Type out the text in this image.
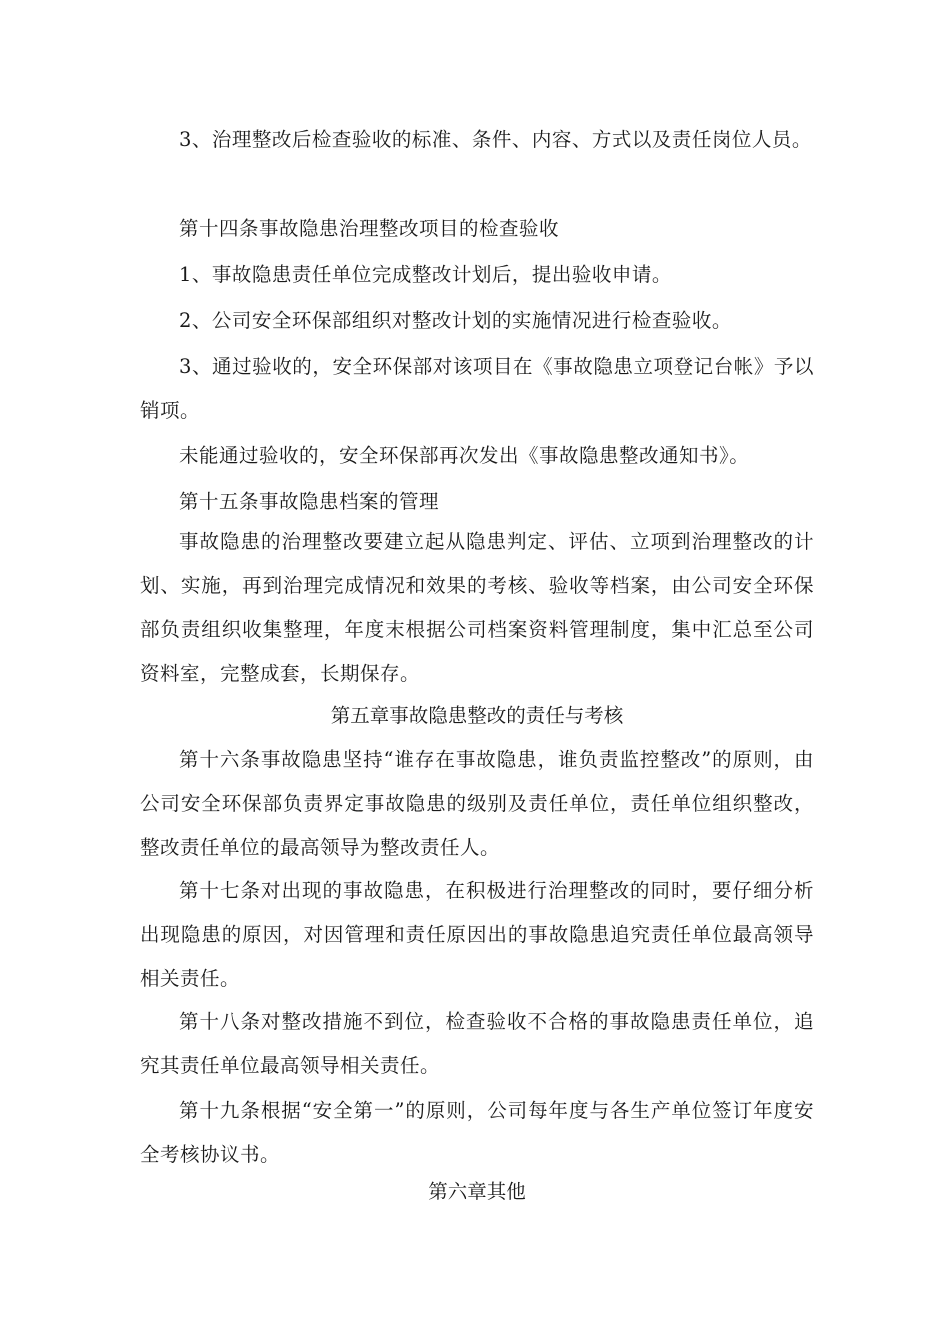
3、治理整改后检查验收的标准、条件、内容、方式以及责任岗位人员。

第十四条事故隐患治理整改项目的检查验收

1、事故隐患责任单位完成整改计划后，提出验收申请。

2、公司安全环保部组织对整改计划的实施情况进行检查验收。

3、通过验收的，安全环保部对该项目在《事故隐患立项登记台帐》予以销项。

未能通过验收的，安全环保部再次发出《事故隐患整改通知书》。

第十五条事故隐患档案的管理

事故隐患的治理整改要建立起从隐患判定、评估、立项到治理整改的计划、实施，再到治理完成情况和效果的考核、验收等档案，由公司安全环保部负责组织收集整理，年度末根据公司档案资料管理制度，集中汇总至公司资料室，完整成套，长期保存。

第五章事故隐患整改的责任与考核

第十六条事故隐患坚持“谁存在事故隐患，谁负责监控整改”的原则，由公司安全环保部负责界定事故隐患的级别及责任单位，责任单位组织整改，整改责任单位的最高领导为整改责任人。

第十七条对出现的事故隐患，在积极进行治理整改的同时，要仔细分析出现隐患的原因，对因管理和责任原因出的事故隐患追究责任单位最高领导相关责任。

第十八条对整改措施不到位，检查验收不合格的事故隐患责任单位，追究其责任单位最高领导相关责任。

第十九条根据“安全第一”的原则，公司每年度与各生产单位签订年度安全考核协议书。

第六章其他
